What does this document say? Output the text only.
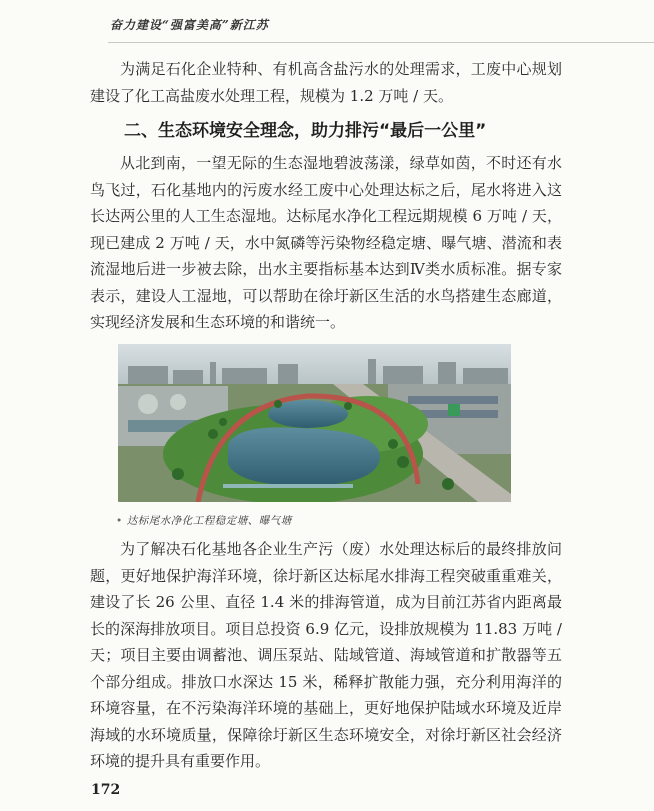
奋力建设“强富美高”新江苏

为满足石化企业特种、有机高含盐污水的处理需求，工废中心规划建设了化工高盐废水处理工程，规模为 1.2 万吨 / 天。

二、生态环境安全理念，助力排污“最后一公里”

从北到南，一望无际的生态湿地碧波荡漾，绿草如茵，不时还有水鸟飞过，石化基地内的污废水经工废中心处理达标之后，尾水将进入这长达两公里的人工生态湿地。达标尾水净化工程远期规模 6 万吨 / 天，现已建成 2 万吨 / 天，水中氮磷等污染物经稳定塘、曝气塘、潜流和表流湿地后进一步被去除，出水主要指标基本达到Ⅳ类水质标准。据专家表示，建设人工湿地，可以帮助在徐圩新区生活的水鸟搭建生态廊道，实现经济发展和生态环境的和谐统一。

• 达标尾水净化工程稳定塘、曝气塘

为了解决石化基地各企业生产污（废）水处理达标后的最终排放问题，更好地保护海洋环境，徐圩新区达标尾水排海工程突破重重难关，建设了长 26 公里、直径 1.4 米的排海管道，成为目前江苏省内距离最长的深海排放项目。项目总投资 6.9 亿元，设排放规模为 11.83 万吨 / 天；项目主要由调蓄池、调压泵站、陆域管道、海域管道和扩散器等五个部分组成。排放口水深达 15 米，稀释扩散能力强，充分利用海洋的环境容量，在不污染海洋环境的基础上，更好地保护陆域水环境及近岸海域的水环境质量，保障徐圩新区生态环境安全，对徐圩新区社会经济环境的提升具有重要作用。

172
